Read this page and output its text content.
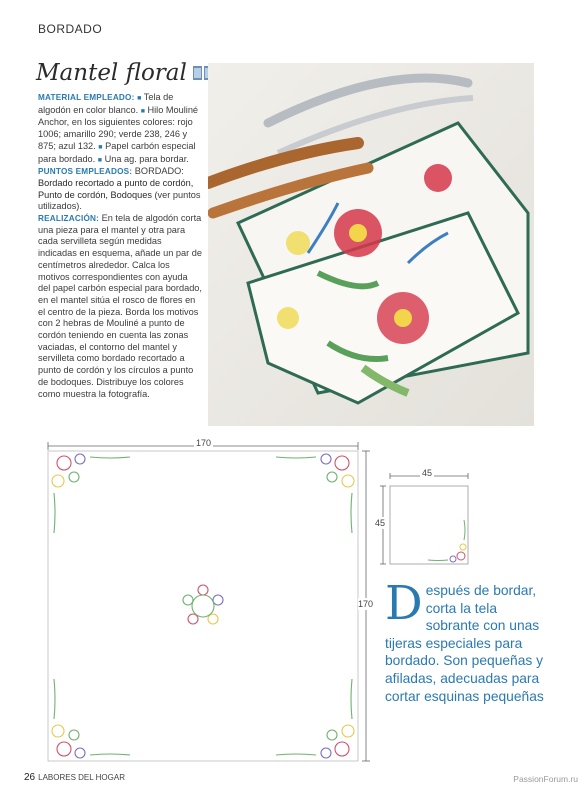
BORDADO
Mantel floral

MATERIAL EMPLEADO: ■ Tela de algodón en color blanco. ■ Hilo Mouliné Anchor, en los siguientes colores: rojo 1006; amarillo 290; verde 238, 246 y 875; azul 132. ■ Papel carbón especial para bordado. ■ Una ag. para bordar.

PUNTOS EMPLEADOS: BORDADO: Bordado recortado a punto de cordón, Punto de cordón, Bodoques (ver puntos utilizados).

REALIZACIÓN: En tela de algodón corta una pieza para el mantel y otra para cada servilleta según medidas indicadas en esquema, añade un par de centímetros alrededor. Calca los motivos correspondientes con ayuda del papel carbón especial para bordado, en el mantel sitúa el rosco de flores en el centro de la pieza. Borda los motivos con 2 hebras de Mouliné a punto de cordón teniendo en cuenta las zonas vaciadas, el contorno del mantel y servilleta como bordado recortado a punto de cordón y los círculos a punto de bodoques. Distribuye los colores como muestra la fotografía.

170
170
45
45
D espués de bordar, corta la tela sobrante con unas tijeras especiales para bordado. Son pequeñas y afiladas, adecuadas para cortar esquinas pequeñas
26 LABORES DEL HOGAR	PassionForum.ru
